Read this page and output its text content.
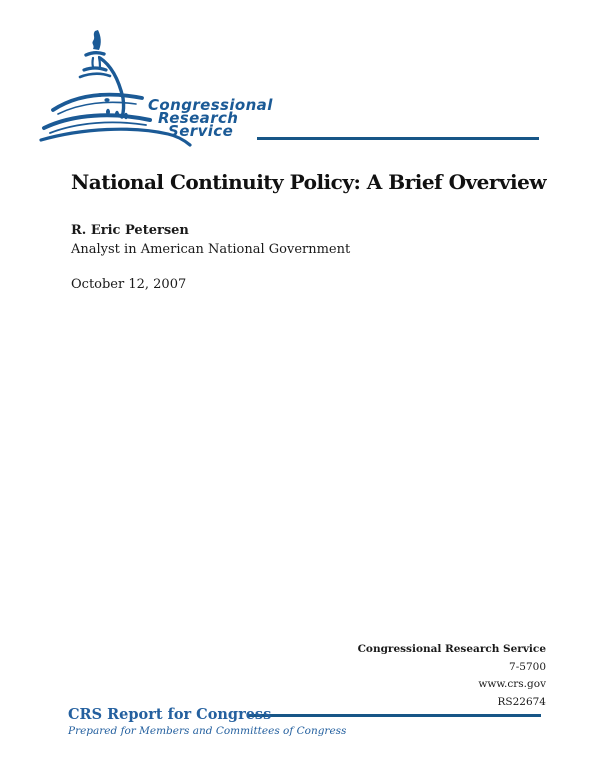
Congressional
Research
Service
National Continuity Policy: A Brief Overview
R. Eric Petersen
Analyst in American National Government
October 12, 2007
Congressional Research Service
7-5700
www.crs.gov
RS22674
CRS Report for Congress
Prepared for Members and Committees of Congress
